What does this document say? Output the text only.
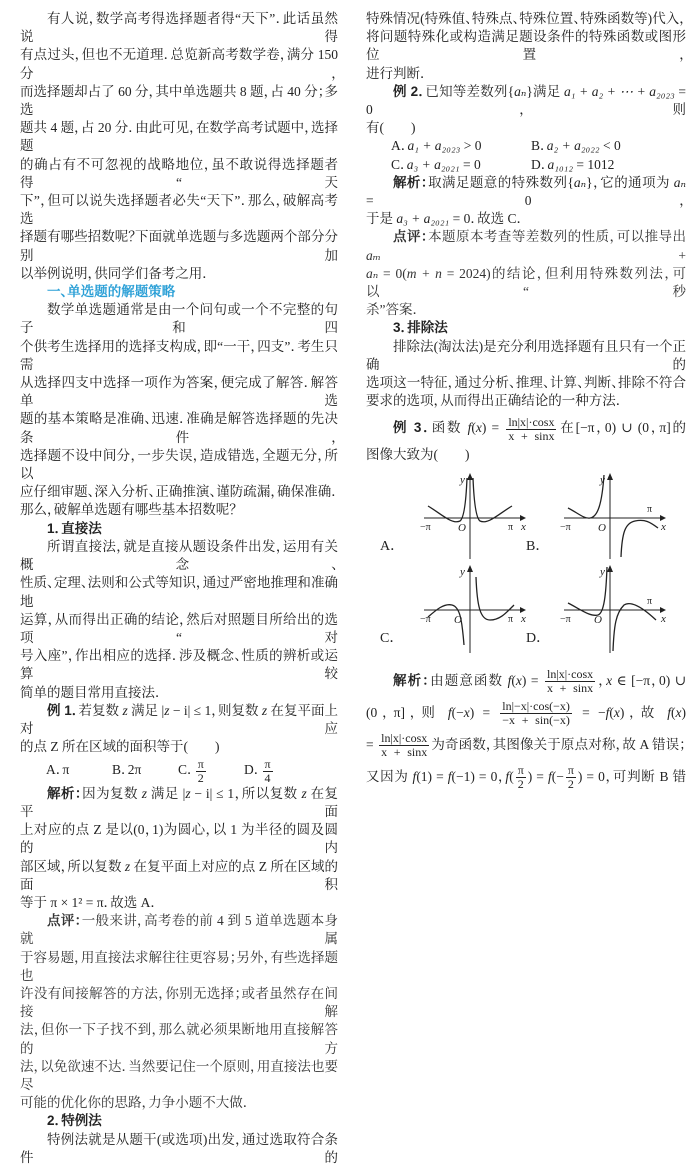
有人说，数学高考得选择题者得“天下”．此话虽然说得
有点过头，但也不无道理．总览新高考数学卷，满分 150 分，
而选择题却占了 60 分，其中单选题共 8 题，占 40 分；多选
题共 4 题，占 20 分．由此可见，在数学高考试题中，选择题
的确占有不可忽视的战略地位，虽不敢说得选择题者得“天
下”，但可以说失选择题者必失“天下”．那么，破解高考选
择题有哪些招数呢？下面就单选题与多选题两个部分分别加
以举例说明，供同学们备考之用．
一、单选题的解题策略
数学单选题通常是由一个问句或一个不完整的句子和四
个供考生选择用的选择支构成，即“一干，四支”．考生只需
从选择四支中选择一项作为答案，便完成了解答．解答单选
题的基本策略是准确、迅速．准确是解答选择题的先决条件，
选择题不设中间分，一步失误，造成错选，全题无分，所以
应仔细审题、深入分析、正确推演、谨防疏漏，确保准确．
那么，破解单选题有哪些基本招数呢？
1．直接法
所谓直接法，就是直接从题设条件出发，运用有关概念、
性质、定理、法则和公式等知识，通过严密地推理和准确地
运算，从而得出正确的结论，然后对照题目所给出的选项“对
号入座”，作出相应的选择．涉及概念、性质的辨析或运算较
简单的题目常用直接法．
例 1．若复数 z 满足 |z − i| ≤ 1，则复数 z 在复平面上对应
的点 Z 所在区域的面积等于(　　)
A．π	B．2π	C． $\frac{\pi}{2}$	D． $\frac{\pi}{4}$
解析：因为复数 z 满足 |z − i| ≤ 1，所以复数 z 在复平面
上对应的点 Z 是以(0，1)为圆心，以 1 为半径的圆及圆的内
部区域，所以复数 z 在复平面上对应的点 Z 所在区域的面积
等于 π × 1² = π．故选 A．
点评：一般来讲，高考卷的前 4 到 5 道单选题本身就属
于容易题，用直接法求解往往更容易；另外，有些选择题也
许没有间接解答的方法，你别无选择；或者虽然存在间接解
法，但你一下子找不到，那么就必须果断地用直接解答的方
法，以免欲速不达．当然要记住一个原则，用直接法也要尽
可能的优化你的思路，力争小题不大做．
2．特例法
特例法就是从题干(或选项)出发，通过选取符合条件的
特殊情况(特殊值、特殊点、特殊位置、特殊函数等)代入，
将问题特殊化或构造满足题设条件的特殊函数或图形位置，
进行判断．
例 2．已知等差数列{aₙ}满足 a₁ + a₂ + ⋯ + a₂₀₂₃ = 0，则
有(　　)
A．a₁ + a₂₀₂₃ > 0	B．a₂ + a₂₀₂₂ < 0
C．a₃ + a₂₀₂₁ = 0	D．a₁₀₁₂ = 1012
解析：取满足题意的特殊数列{aₙ}，它的通项为 aₙ = 0，
于是 a₃ + a₂₀₂₁ = 0．故选 C．
点评：本题原本考查等差数列的性质，可以推导出 aₘ +
aₙ = 0(m + n = 2024)的结论，但利用特殊数列法，可以“秒
杀”答案．
3．排除法
排除法(淘汰法)是充分利用选择题有且只有一个正确的
选项这一特征，通过分析、推理、计算、判断、排除不符合
要求的选项，从而得出正确结论的一种方法．
例 3．函数 $f(x) = \frac{\ln|x|\cdot\cos x}{x + \sin x}$ 在[−π，0) ∪ (0，π]的
图像大致为(　　)
−π	π x
y
O	−π
π
x
y
O
−π	π x
y
O	−π
π
x
y
O
A．	B．
C．	D．
解析：由题意函数 $f(x) = \frac{\ln|x|\cdot\cos x}{x + \sin x}$ ，x ∈ [−π，0) ∪
(0，π]，则 $f(-x) = \frac{\ln|-x|\cdot\cos(-x)}{-x + \sin(-x)} = -f(x)$，故 f(x)
= $\frac{\ln|x|\cdot\cos x}{x + \sin x}$ 为奇函数，其图像关于原点对称，故 A 错误；
又因为 f(1) = f(−1) = 0，$f( \frac{\pi}{2}$ ) = $f(- \frac{\pi}{2}$ ) = 0，可判断 B 错
